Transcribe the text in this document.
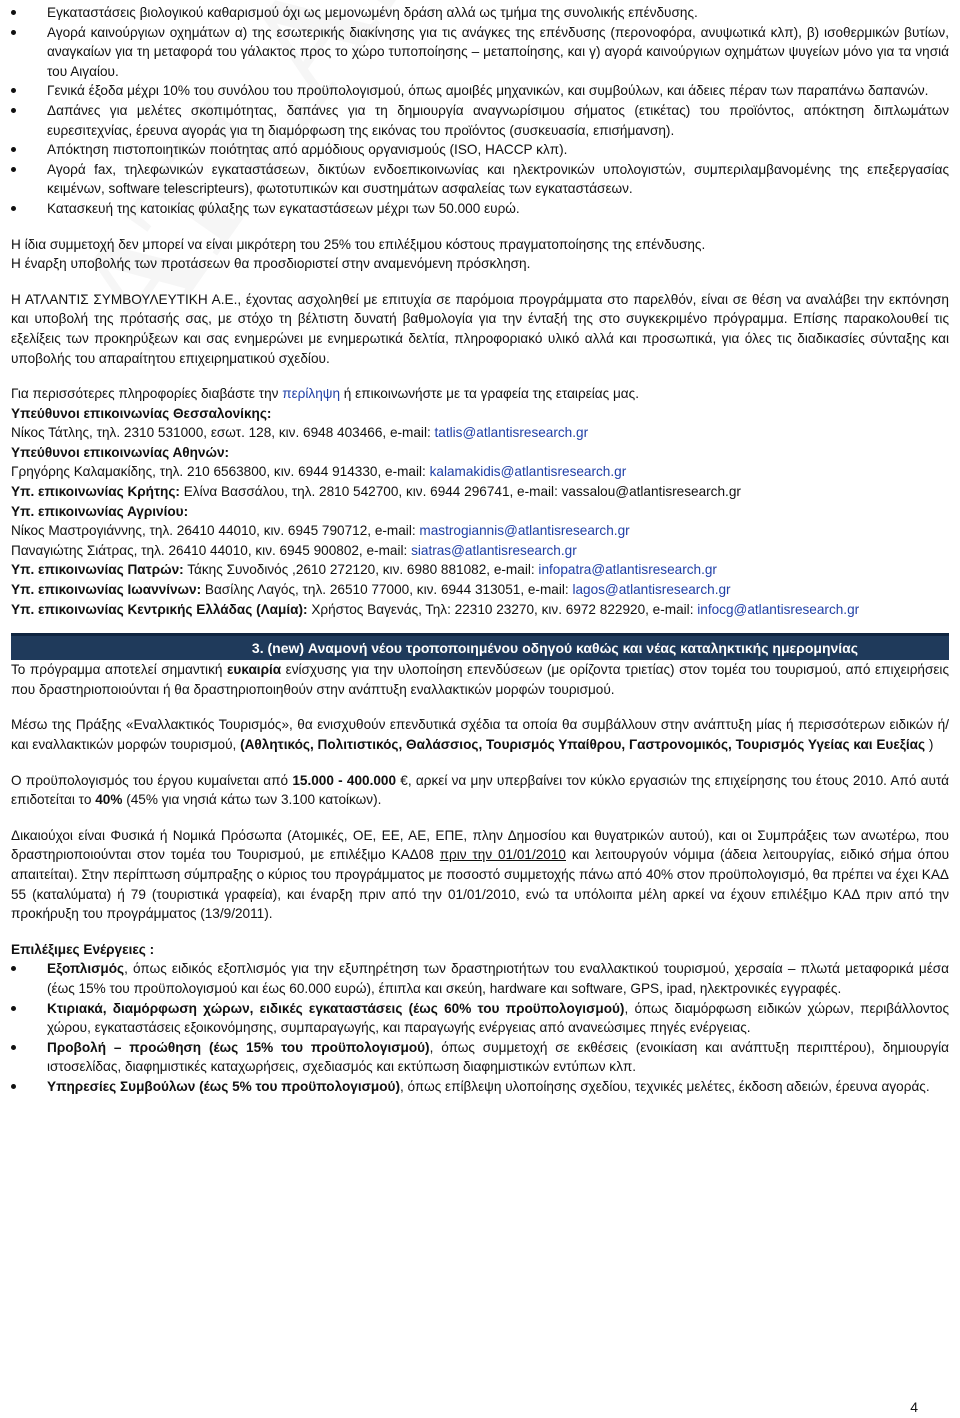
Εγκαταστάσεις βιολογικού καθαρισμού όχι ως μεμονωμένη δράση αλλά ως τμήμα της συνολικής επένδυσης.
Αγορά καινούργιων οχημάτων α) της εσωτερικής διακίνησης για τις ανάγκες της επένδυσης (περονοφόρα, ανυψωτικά κλπ), β) ισοθερμικών βυτίων, αναγκαίων για τη μεταφορά του γάλακτος προς το χώρο τυποποίησης – μεταποίησης, και γ) αγορά καινούργιων οχημάτων ψυγείων μόνο για τα νησιά του Αιγαίου.
Γενικά έξοδα μέχρι 10% του συνόλου του προϋπολογισμού, όπως αμοιβές μηχανικών, και συμβούλων, και άδειες πέραν των παραπάνω δαπανών.
Δαπάνες για μελέτες σκοπιμότητας, δαπάνες για τη δημιουργία αναγνωρίσιμου σήματος (ετικέτας) του προϊόντος, απόκτηση διπλωμάτων ευρεσιτεχνίας, έρευνα αγοράς για τη διαμόρφωση της εικόνας του προϊόντος (συσκευασία, επισήμανση).
Απόκτηση πιστοποιητικών ποιότητας από αρμόδιους οργανισμούς (ISO, HACCP κλπ).
Αγορά fax, τηλεφωνικών εγκαταστάσεων, δικτύων ενδοεπικοινωνίας και ηλεκτρονικών υπολογιστών, συμπεριλαμβανομένης της επεξεργασίας κειμένων, software telescripteurs), φωτοτυπικών και συστημάτων ασφαλείας των εγκαταστάσεων.
Κατασκευή της κατοικίας φύλαξης των εγκαταστάσεων μέχρι των 50.000 ευρώ.

Η ίδια συμμετοχή δεν μπορεί να είναι μικρότερη του 25% του επιλέξιμου κόστους πραγματοποίησης της επένδυσης.

Η έναρξη υποβολής των προτάσεων θα προσδιοριστεί στην αναμενόμενη πρόσκληση.

Η ΑΤΛΑΝΤΙΣ ΣΥΜΒΟΥΛΕΥΤΙΚΗ Α.Ε., έχοντας ασχοληθεί με επιτυχία σε παρόμοια προγράμματα στο παρελθόν, είναι σε θέση να αναλάβει την εκπόνηση και υποβολή της πρότασής σας, με στόχο τη βέλτιστη δυνατή βαθμολογία για την ένταξή της στο συγκεκριμένο πρόγραμμα. Επίσης παρακολουθεί τις εξελίξεις των προκηρύξεων και σας ενημερώνει με ενημερωτικά δελτία, πληροφοριακό υλικό αλλά και προσωπικά, για όλες τις διαδικασίες σύνταξης και υποβολής του απαραίτητου επιχειρηματικού σχεδίου.

Για περισσότερες πληροφορίες διαβάστε την περίληψη ή επικοινωνήστε με τα γραφεία της εταιρείας μας.

Υπεύθυνοι επικοινωνίας Θεσσαλονίκης:

Νίκος Τάτλης, τηλ. 2310 531000, εσωτ. 128, κιν. 6948 403466, e-mail: tatlis@atlantisresearch.gr

Υπεύθυνοι επικοινωνίας Αθηνών:

Γρηγόρης Καλαμακίδης, τηλ. 210 6563800, κιν. 6944 914330, e-mail: kalamakidis@atlantisresearch.gr

Υπ. επικοινωνίας Κρήτης: Ελίνα Βασσάλου, τηλ. 2810 542700, κιν. 6944 296741, e-mail: vassalou@atlantisresearch.gr

Υπ. επικοινωνίας Αγρινίου:

Νίκος Μαστρογιάννης, τηλ. 26410 44010, κιν. 6945 790712, e-mail: mastrogiannis@atlantisresearch.gr

Παναγιώτης Σιάτρας, τηλ. 26410 44010, κιν. 6945 900802, e-mail: siatras@atlantisresearch.gr

Υπ. επικοινωνίας Πατρών: Τάκης Συνοδινός ,2610 272120, κιν. 6980 881082, e-mail: infopatra@atlantisresearch.gr

Υπ. επικοινωνίας Ιωαννίνων: Βασίλης Λαγός, τηλ. 26510 77000, κιν. 6944 313051, e-mail: lagos@atlantisresearch.gr

Υπ. επικοινωνίας Κεντρικής Ελλάδας (Λαμία): Χρήστος Βαγενάς, Τηλ: 22310 23270, κιν. 6972 822920, e-mail: infocg@atlantisresearch.gr

3. (new) Αναμονή νέου τροποποιημένου οδηγού καθώς και νέας καταληκτικής ημερομηνίας

Το πρόγραμμα αποτελεί σημαντική ευκαιρία ενίσχυσης για την υλοποίηση επενδύσεων (με ορίζοντα τριετίας) στον τομέα του τουρισμού, από επιχειρήσεις που δραστηριοποιούνται ή θα δραστηριοποιηθούν στην ανάπτυξη εναλλακτικών μορφών τουρισμού.

Μέσω της Πράξης «Εναλλακτικός Τουρισμός», θα ενισχυθούν επενδυτικά σχέδια τα οποία θα συμβάλλουν στην ανάπτυξη μίας ή περισσότερων ειδικών ή/και εναλλακτικών μορφών τουρισμού, (Αθλητικός, Πολιτιστικός, Θαλάσσιος, Τουρισμός Υπαίθρου, Γαστρονομικός, Τουρισμός Υγείας και Ευεξίας )

Ο προϋπολογισμός του έργου κυμαίνεται από 15.000 - 400.000 €, αρκεί να μην υπερβαίνει τον κύκλο εργασιών της επιχείρησης του έτους 2010. Από αυτά επιδοτείται το 40% (45% για νησιά κάτω των 3.100 κατοίκων).

Δικαιούχοι είναι Φυσικά ή Νομικά Πρόσωπα (Ατομικές, ΟΕ, ΕΕ, ΑΕ, ΕΠΕ, πλην Δημοσίου και θυγατρικών αυτού), και οι Συμπράξεις των ανωτέρω, που δραστηριοποιούνται στον τομέα του Τουρισμού, με επιλέξιμο ΚΑΔ08 πριν την 01/01/2010 και λειτουργούν νόμιμα (άδεια λειτουργίας, ειδικό σήμα όπου απαιτείται). Στην περίπτωση σύμπραξης ο κύριος του προγράμματος με ποσοστό συμμετοχής πάνω από 40% στον προϋπολογισμό, θα πρέπει να έχει ΚΑΔ 55 (καταλύματα) ή 79 (τουριστικά γραφεία), και έναρξη πριν από την 01/01/2010, ενώ τα υπόλοιπα μέλη αρκεί να έχουν επιλέξιμο ΚΑΔ πριν από την προκήρυξη του προγράμματος (13/9/2011).

Επιλέξιμες Ενέργειες :

Εξοπλισμός, όπως ειδικός εξοπλισμός για την εξυπηρέτηση των δραστηριοτήτων του εναλλακτικού τουρισμού, χερσαία – πλωτά μεταφορικά μέσα (έως 15% του προϋπολογισμού και έως 60.000 ευρώ), έπιπλα και σκεύη, hardware και software, GPS, ipad, ηλεκτρονικές εγγραφές.
Κτιριακά, διαμόρφωση χώρων, ειδικές εγκαταστάσεις (έως 60% του προϋπολογισμού), όπως διαμόρφωση ειδικών χώρων, περιβάλλοντος χώρου, εγκαταστάσεις εξοικονόμησης, συμπαραγωγής, και παραγωγής ενέργειας από ανανεώσιμες πηγές ενέργειας.
Προβολή – προώθηση (έως 15% του προϋπολογισμού), όπως συμμετοχή σε εκθέσεις (ενοικίαση και ανάπτυξη περιπτέρου), δημιουργία ιστοσελίδας, διαφημιστικές καταχωρήσεις, σχεδιασμός και εκτύπωση διαφημιστικών εντύπων κλπ.
Υπηρεσίες Συμβούλων (έως 5% του προϋπολογισμού), όπως επίβλεψη υλοποίησης σχεδίου, τεχνικές μελέτες, έκδοση αδειών, έρευνα αγοράς.
4
